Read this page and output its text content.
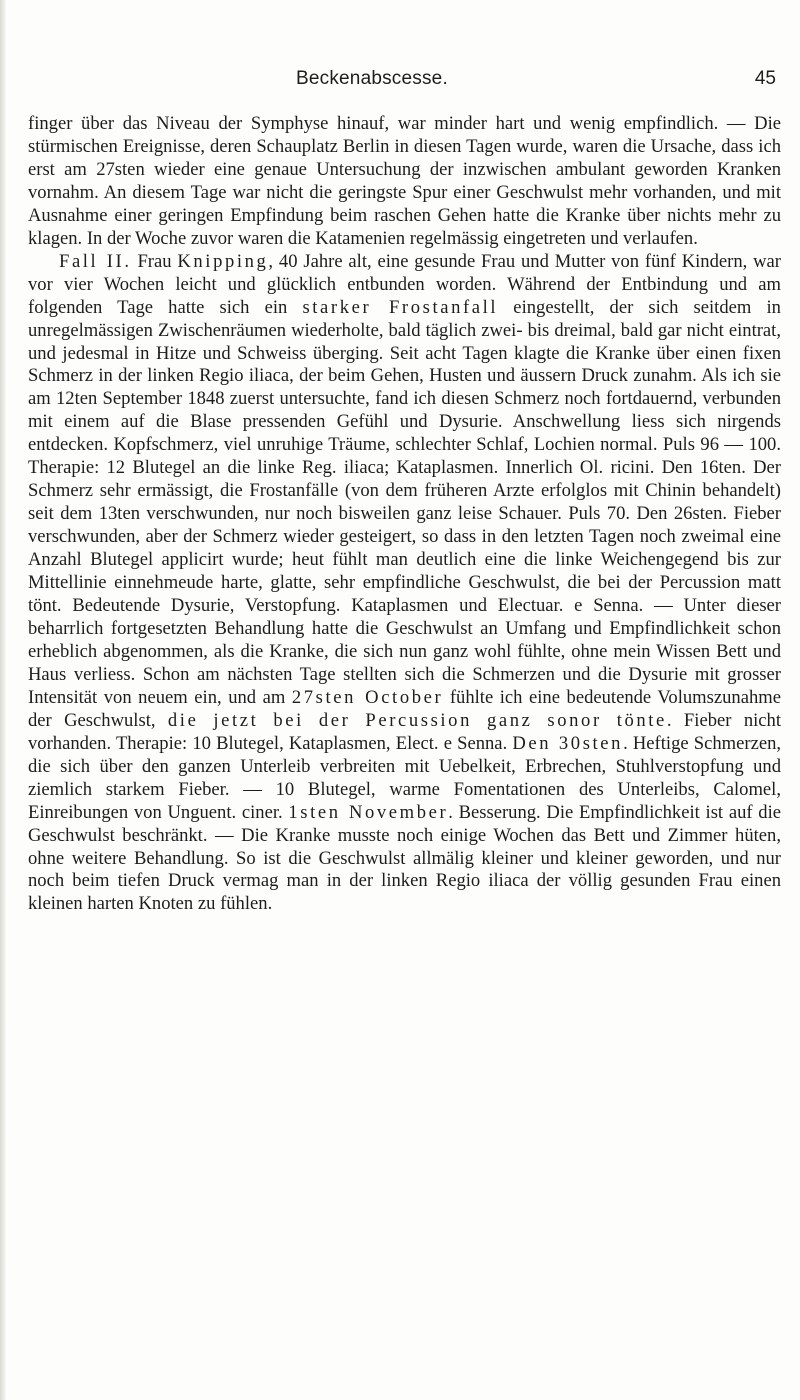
Beckenabscesse.	45

finger über das Niveau der Symphyse hinauf, war minder hart und wenig empfindlich. — Die stürmischen Ereignisse, deren Schauplatz Berlin in diesen Tagen wurde, waren die Ursache, dass ich erst am 27sten wieder eine genaue Untersuchung der inzwischen ambulant geworden Kranken vornahm. An diesem Tage war nicht die geringste Spur einer Geschwulst mehr vorhanden, und mit Ausnahme einer geringen Empfindung beim raschen Gehen hatte die Kranke über nichts mehr zu klagen. In der Woche zuvor waren die Katamenien regelmässig eingetreten und verlaufen.

Fall II. Frau Knipping, 40 Jahre alt, eine gesunde Frau und Mutter von fünf Kindern, war vor vier Wochen leicht und glücklich entbunden worden. Während der Entbindung und am folgenden Tage hatte sich ein starker Frostanfall eingestellt, der sich seitdem in unregelmässigen Zwischenräumen wiederholte, bald täglich zwei- bis dreimal, bald gar nicht eintrat, und jedesmal in Hitze und Schweiss überging. Seit acht Tagen klagte die Kranke über einen fixen Schmerz in der linken Regio iliaca, der beim Gehen, Husten und äussern Druck zunahm. Als ich sie am 12ten September 1848 zuerst untersuchte, fand ich diesen Schmerz noch fortdauernd, verbunden mit einem auf die Blase pressenden Gefühl und Dysurie. Anschwellung liess sich nirgends entdecken. Kopfschmerz, viel unruhige Träume, schlechter Schlaf, Lochien normal. Puls 96 — 100. Therapie: 12 Blutegel an die linke Reg. iliaca; Kataplasmen. Innerlich Ol. ricini. Den 16ten. Der Schmerz sehr ermässigt, die Frostanfälle (von dem früheren Arzte erfolglos mit Chinin behandelt) seit dem 13ten verschwunden, nur noch bisweilen ganz leise Schauer. Puls 70. Den 26sten. Fieber verschwunden, aber der Schmerz wieder gesteigert, so dass in den letzten Tagen noch zweimal eine Anzahl Blutegel applicirt wurde; heut fühlt man deutlich eine die linke Weichengegend bis zur Mittellinie einnehmeude harte, glatte, sehr empfindliche Geschwulst, die bei der Percussion matt tönt. Bedeutende Dysurie, Verstopfung. Kataplasmen und Electuar. e Senna. — Unter dieser beharrlich fortgesetzten Behandlung hatte die Geschwulst an Umfang und Empfindlichkeit schon erheblich abgenommen, als die Kranke, die sich nun ganz wohl fühlte, ohne mein Wissen Bett und Haus verliess. Schon am nächsten Tage stellten sich die Schmerzen und die Dysurie mit grosser Intensität von neuem ein, und am 27sten October fühlte ich eine bedeutende Volumszunahme der Geschwulst, die jetzt bei der Percussion ganz sonor tönte. Fieber nicht vorhanden. Therapie: 10 Blutegel, Kataplasmen, Elect. e Senna. Den 30sten. Heftige Schmerzen, die sich über den ganzen Unterleib verbreiten mit Uebelkeit, Erbrechen, Stuhlverstopfung und ziemlich starkem Fieber. — 10 Blutegel, warme Fomentationen des Unterleibs, Calomel, Einreibungen von Unguent. ciner. 1sten November. Besserung. Die Empfindlichkeit ist auf die Geschwulst beschränkt. — Die Kranke musste noch einige Wochen das Bett und Zimmer hüten, ohne weitere Behandlung. So ist die Geschwulst allmälig kleiner und kleiner geworden, und nur noch beim tiefen Druck vermag man in der linken Regio iliaca der völlig gesunden Frau einen kleinen harten Knoten zu fühlen.
